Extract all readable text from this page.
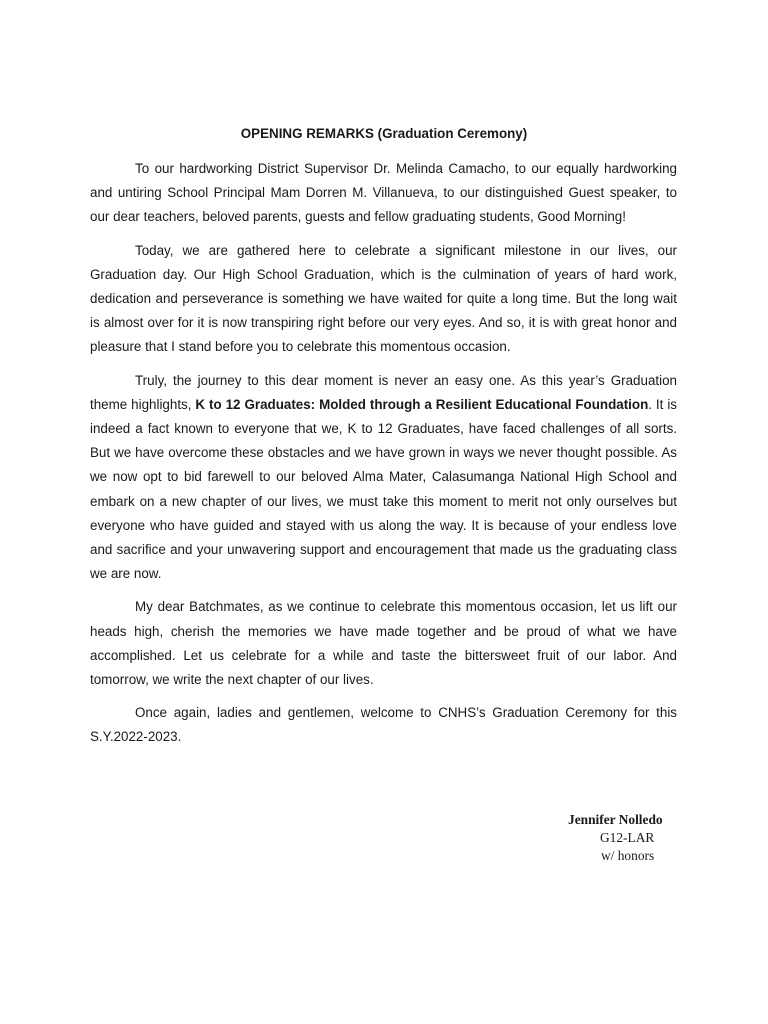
OPENING REMARKS (Graduation Ceremony)

To our hardworking District Supervisor Dr. Melinda Camacho, to our equally hardworking and untiring School Principal Mam Dorren M. Villanueva, to our distinguished Guest speaker, to our dear teachers, beloved parents, guests and fellow graduating students, Good Morning!

Today, we are gathered here to celebrate a significant milestone in our lives, our Graduation day. Our High School Graduation, which is the culmination of years of hard work, dedication and perseverance is something we have waited for quite a long time. But the long wait is almost over for it is now transpiring right before our very eyes. And so, it is with great honor and pleasure that I stand before you to celebrate this momentous occasion.

Truly, the journey to this dear moment is never an easy one. As this year’s Graduation theme highlights, K to 12 Graduates: Molded through a Resilient Educational Foundation. It is indeed a fact known to everyone that we, K to 12 Graduates, have faced challenges of all sorts. But we have overcome these obstacles and we have grown in ways we never thought possible. As we now opt to bid farewell to our beloved Alma Mater, Calasumanga National High School and embark on a new chapter of our lives, we must take this moment to merit not only ourselves but everyone who have guided and stayed with us along the way. It is because of your endless love and sacrifice and your unwavering support and encouragement that made us the graduating class we are now.

My dear Batchmates, as we continue to celebrate this momentous occasion, let us lift our heads high, cherish the memories we have made together and be proud of what we have accomplished. Let us celebrate for a while and taste the bittersweet fruit of our labor. And tomorrow, we write the next chapter of our lives.

Once again, ladies and gentlemen, welcome to CNHS’s Graduation Ceremony for this S.Y.2022-2023.

Jennifer Nolledo
G12-LAR
w/ honors
